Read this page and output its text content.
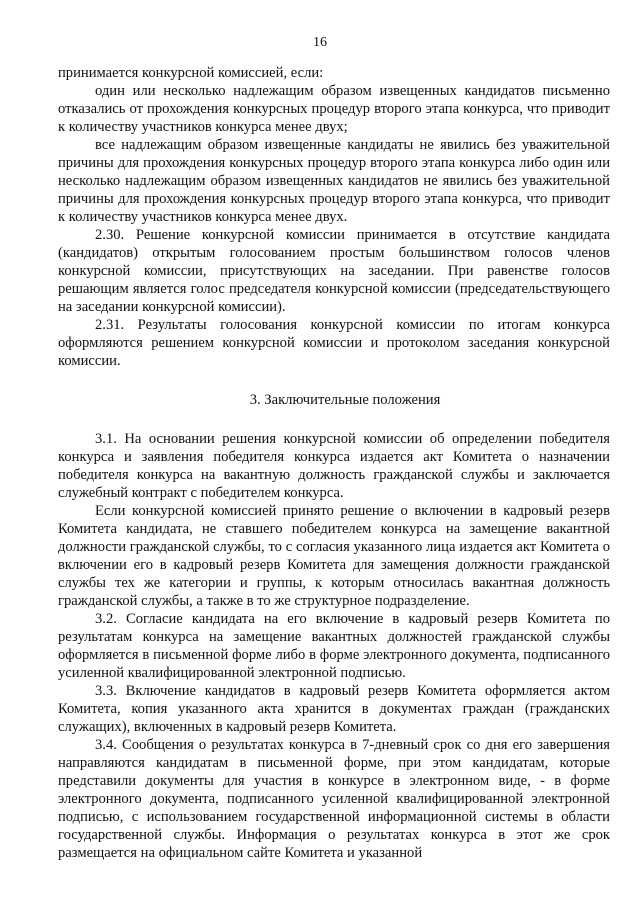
16

принимается конкурсной комиссией, если:

один или несколько надлежащим образом извещенных кандидатов письменно отказались от прохождения конкурсных процедур второго этапа конкурса, что приводит к количеству участников конкурса менее двух;

все надлежащим образом извещенные кандидаты не явились без уважительной причины для прохождения конкурсных процедур второго этапа конкурса либо один или несколько надлежащим образом извещенных кандидатов не явились без уважительной причины для прохождения конкурсных процедур второго этапа конкурса, что приводит к количеству участников конкурса менее двух.

2.30. Решение конкурсной комиссии принимается в отсутствие кандидата (кандидатов) открытым голосованием простым большинством голосов членов конкурсной комиссии, присутствующих на заседании. При равенстве голосов решающим является голос председателя конкурсной комиссии (председательствующего на заседании конкурсной комиссии).

2.31. Результаты голосования конкурсной комиссии по итогам конкурса оформляются решением конкурсной комиссии и протоколом заседания конкурсной комиссии.

3. Заключительные положения

3.1. На основании решения конкурсной комиссии об определении победителя конкурса и заявления победителя конкурса издается акт Комитета о назначении победителя конкурса на вакантную должность гражданской службы и заключается служебный контракт с победителем конкурса.

Если конкурсной комиссией принято решение о включении в кадровый резерв Комитета кандидата, не ставшего победителем конкурса на замещение вакантной должности гражданской службы, то с согласия указанного лица издается акт Комитета о включении его в кадровый резерв Комитета для замещения должности гражданской службы тех же категории и группы, к которым относилась вакантная должность гражданской службы, а также в то же структурное подразделение.

3.2. Согласие кандидата на его включение в кадровый резерв Комитета по результатам конкурса на замещение вакантных должностей гражданской службы оформляется в письменной форме либо в форме электронного документа, подписанного усиленной квалифицированной электронной подписью.

3.3. Включение кандидатов в кадровый резерв Комитета оформляется актом Комитета, копия указанного акта хранится в документах граждан (гражданских служащих), включенных в кадровый резерв Комитета.

3.4. Сообщения о результатах конкурса в 7-дневный срок со дня его завершения направляются кандидатам в письменной форме, при этом кандидатам, которые представили документы для участия в конкурсе в электронном виде, - в форме электронного документа, подписанного усиленной квалифицированной электронной подписью, с использованием государственной информационной системы в области государственной службы. Информация о результатах конкурса в этот же срок размещается на официальном сайте Комитета и указанной
